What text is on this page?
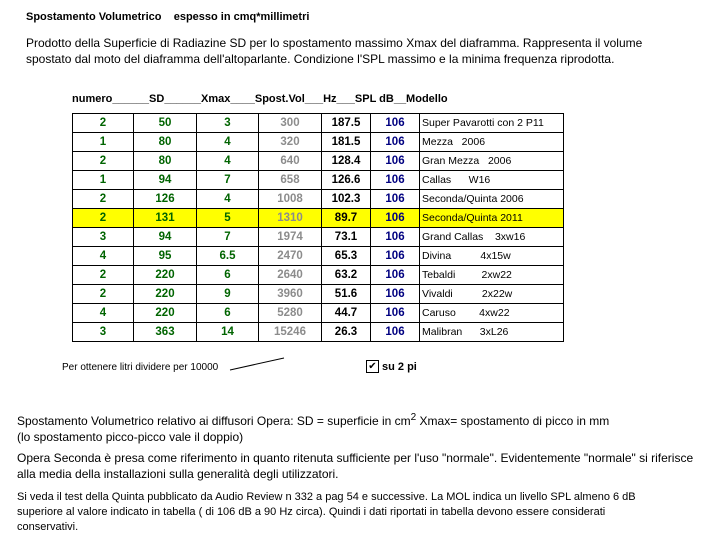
Spostamento Volumetrico    espesso in cmq*millimetri
Prodotto della Superficie di Radiazine SD per lo spostamento massimo Xmax del diaframma. Rappresenta il volume spostato dal moto del diaframma dell'altoparlante. Condizione l'SPL massimo e la minima frequenza riprodotta.
numero______SD______Xmax____Spost.Vol___Hz___SPL dB__Modello
2	50	3	300	187.5	106	Super Pavarotti con 2 P11
1	80	4	320	181.5	106	Mezza   2006
2	80	4	640	128.4	106	Gran Mezza   2006
1	94	7	658	126.6	106	Callas      W16
2	126	4	1008	102.3	106	Seconda/Quinta 2006
2	131	5	1310	89.7	106	Seconda/Quinta 2011
3	94	7	1974	73.1	106	Grand Callas    3xw16
4	95	6.5	2470	65.3	106	Divina          4x15w
2	220	6	2640	63.2	106	Tebaldi         2xw22
2	220	9	3960	51.6	106	Vivaldi          2x22w
4	220	6	5280	44.7	106	Caruso        4xw22
3	363	14	15246	26.3	106	Malibran      3xL26
Per ottenere litri dividere per 10000	✔ su 2 pi
Spostamento Volumetrico relativo ai diffusori Opera: SD = superficie in $cm^2$ Xmax= spostamento di picco in mm
(lo spostamento picco-picco vale il doppio)
Opera Seconda è presa come riferimento in quanto ritenuta sufficiente per l'uso "normale". Evidentemente "normale" si riferisce alla media della installazioni sulla generalità degli utilizzatori.
Si veda il test della Quinta pubblicato da Audio Review n 332 a pag 54 e successive. La MOL indica un livello SPL almeno 6 dB superiore al valore indicato in tabella ( di 106 dB a 90 Hz circa). Quindi i dati riportati in tabella devono essere considerati conservativi.
